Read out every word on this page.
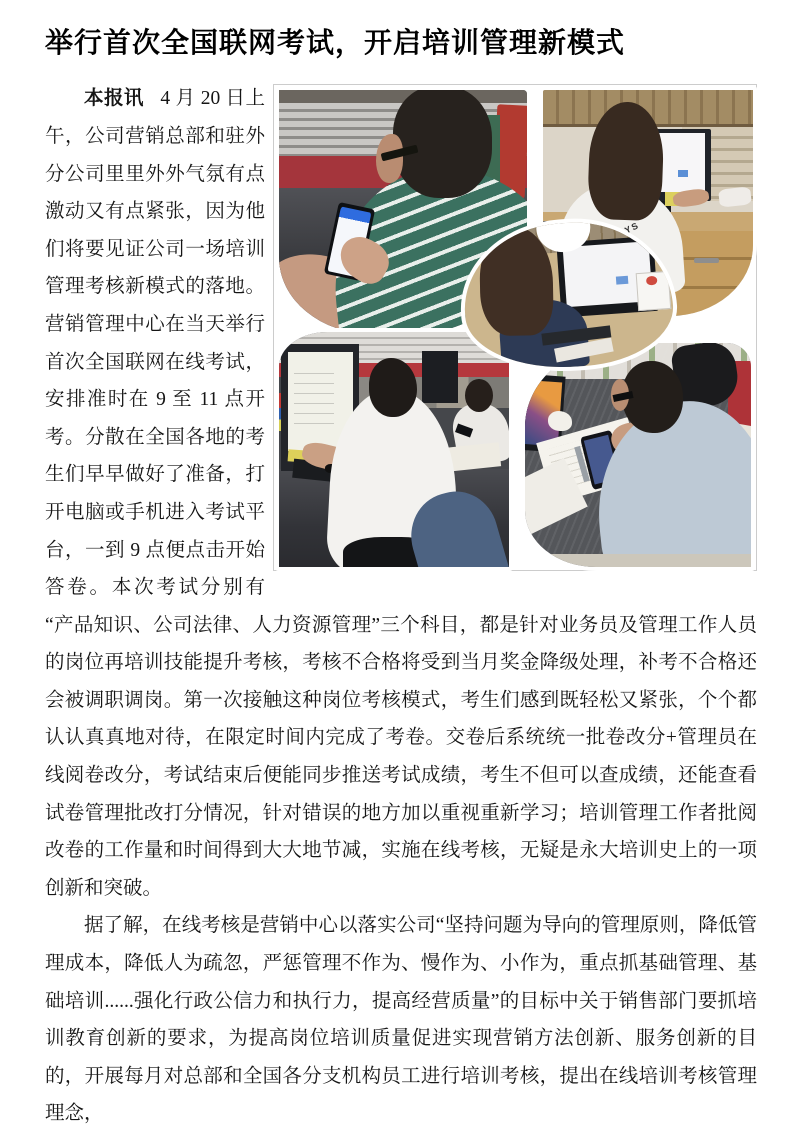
举行首次全国联网考试，开启培训管理新模式

本报讯 4 月 20 日上午，公司营销总部和驻外分公司里里外外气氛有点激动又有点紧张，因为他们将要见证公司一场培训管理考核新模式的落地。营销管理中心在当天举行首次全国联网在线考试，安排准时在 9 至 11 点开考。分散在全国各地的考生们早早做好了准备，打开电脑或手机进入考试平台，一到 9 点便点击开始答卷。本次考试分别有“产品知识、公司法律、人力资源管理”三个科目，都是针对业务员及管理工作人员的岗位再培训技能提升考核，考核不合格将受到当月奖金降级处理，补考不合格还会被调职调岗。第一次接触这种岗位考核模式，考生们感到既轻松又紧张，个个都认认真真地对待，在限定时间内完成了考卷。交卷后系统统一批卷改分+管理员在线阅卷改分，考试结束后便能同步推送考试成绩，考生不但可以查成绩，还能查看试卷管理批改打分情况，针对错误的地方加以重视重新学习；培训管理工作者批阅改卷的工作量和时间得到大大地节减，实施在线考核，无疑是永大培训史上的一项创新和突破。

据了解，在线考核是营销中心以落实公司“坚持问题为导向的管理原则，降低管理成本，降低人为疏忽，严惩管理不作为、慢作为、小作为，重点抓基础管理、基础培训......强化行政公信力和执行力，提高经营质量”的目标中关于销售部门要抓培训教育创新的要求，为提高岗位培训质量促进实现营销方法创新、服务创新的目的，开展每月对总部和全国各分支机构员工进行培训考核，提出在线培训考核管理理念，
